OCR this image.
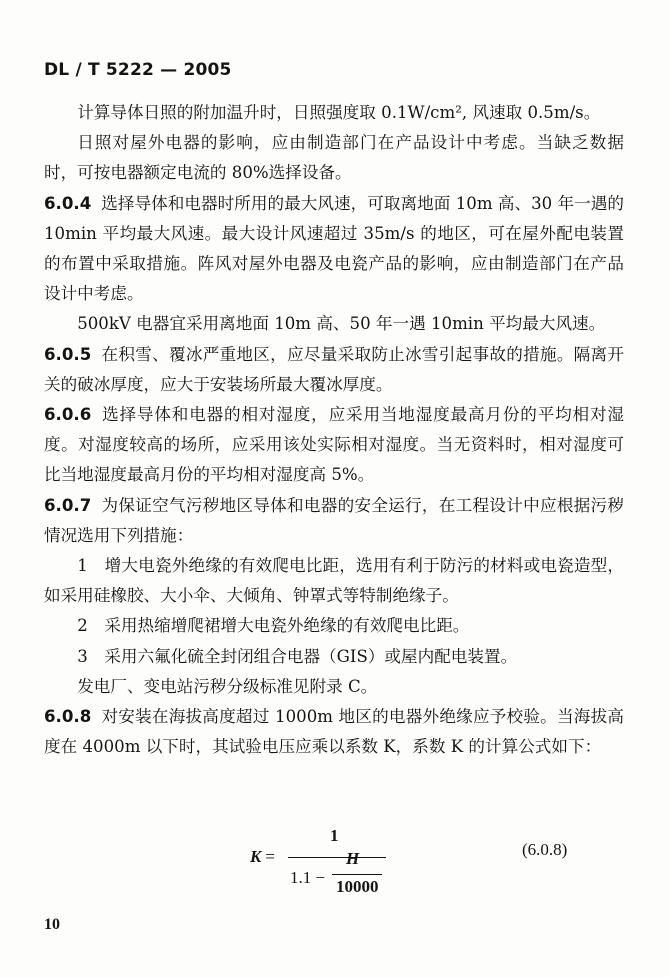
DL / T 5222 — 2005

计算导体日照的附加温升时，日照强度取 0.1W/cm², 风速取 0.5m/s。

日照对屋外电器的影响，应由制造部门在产品设计中考虑。当缺乏数据时，可按电器额定电流的 80%选择设备。

6.0.4 选择导体和电器时所用的最大风速，可取离地面 10m 高、30 年一遇的 10min 平均最大风速。最大设计风速超过 35m/s 的地区，可在屋外配电装置的布置中采取措施。阵风对屋外电器及电瓷产品的影响，应由制造部门在产品设计中考虑。

500kV 电器宜采用离地面 10m 高、50 年一遇 10min 平均最大风速。

6.0.5 在积雪、覆冰严重地区，应尽量采取防止冰雪引起事故的措施。隔离开关的破冰厚度，应大于安装场所最大覆冰厚度。

6.0.6 选择导体和电器的相对湿度，应采用当地湿度最高月份的平均相对湿度。对湿度较高的场所，应采用该处实际相对湿度。当无资料时，相对湿度可比当地湿度最高月份的平均相对湿度高 5%。

6.0.7 为保证空气污秽地区导体和电器的安全运行，在工程设计中应根据污秽情况选用下列措施：

1　增大电瓷外绝缘的有效爬电比距，选用有利于防污的材料或电瓷造型，如采用硅橡胶、大小伞、大倾角、钟罩式等特制绝缘子。

2　采用热缩增爬裙增大电瓷外绝缘的有效爬电比距。

3　采用六氟化硫全封闭组合电器（GIS）或屋内配电装置。

发电厂、变电站污秽分级标准见附录 C。

6.0.8 对安装在海拔高度超过 1000m 地区的电器外绝缘应予校验。当海拔高度在 4000m 以下时，其试验电压应乘以系数 K，系数 K 的计算公式如下：

K =
1
1.1 −
H
10000
(6.0.8)
10
